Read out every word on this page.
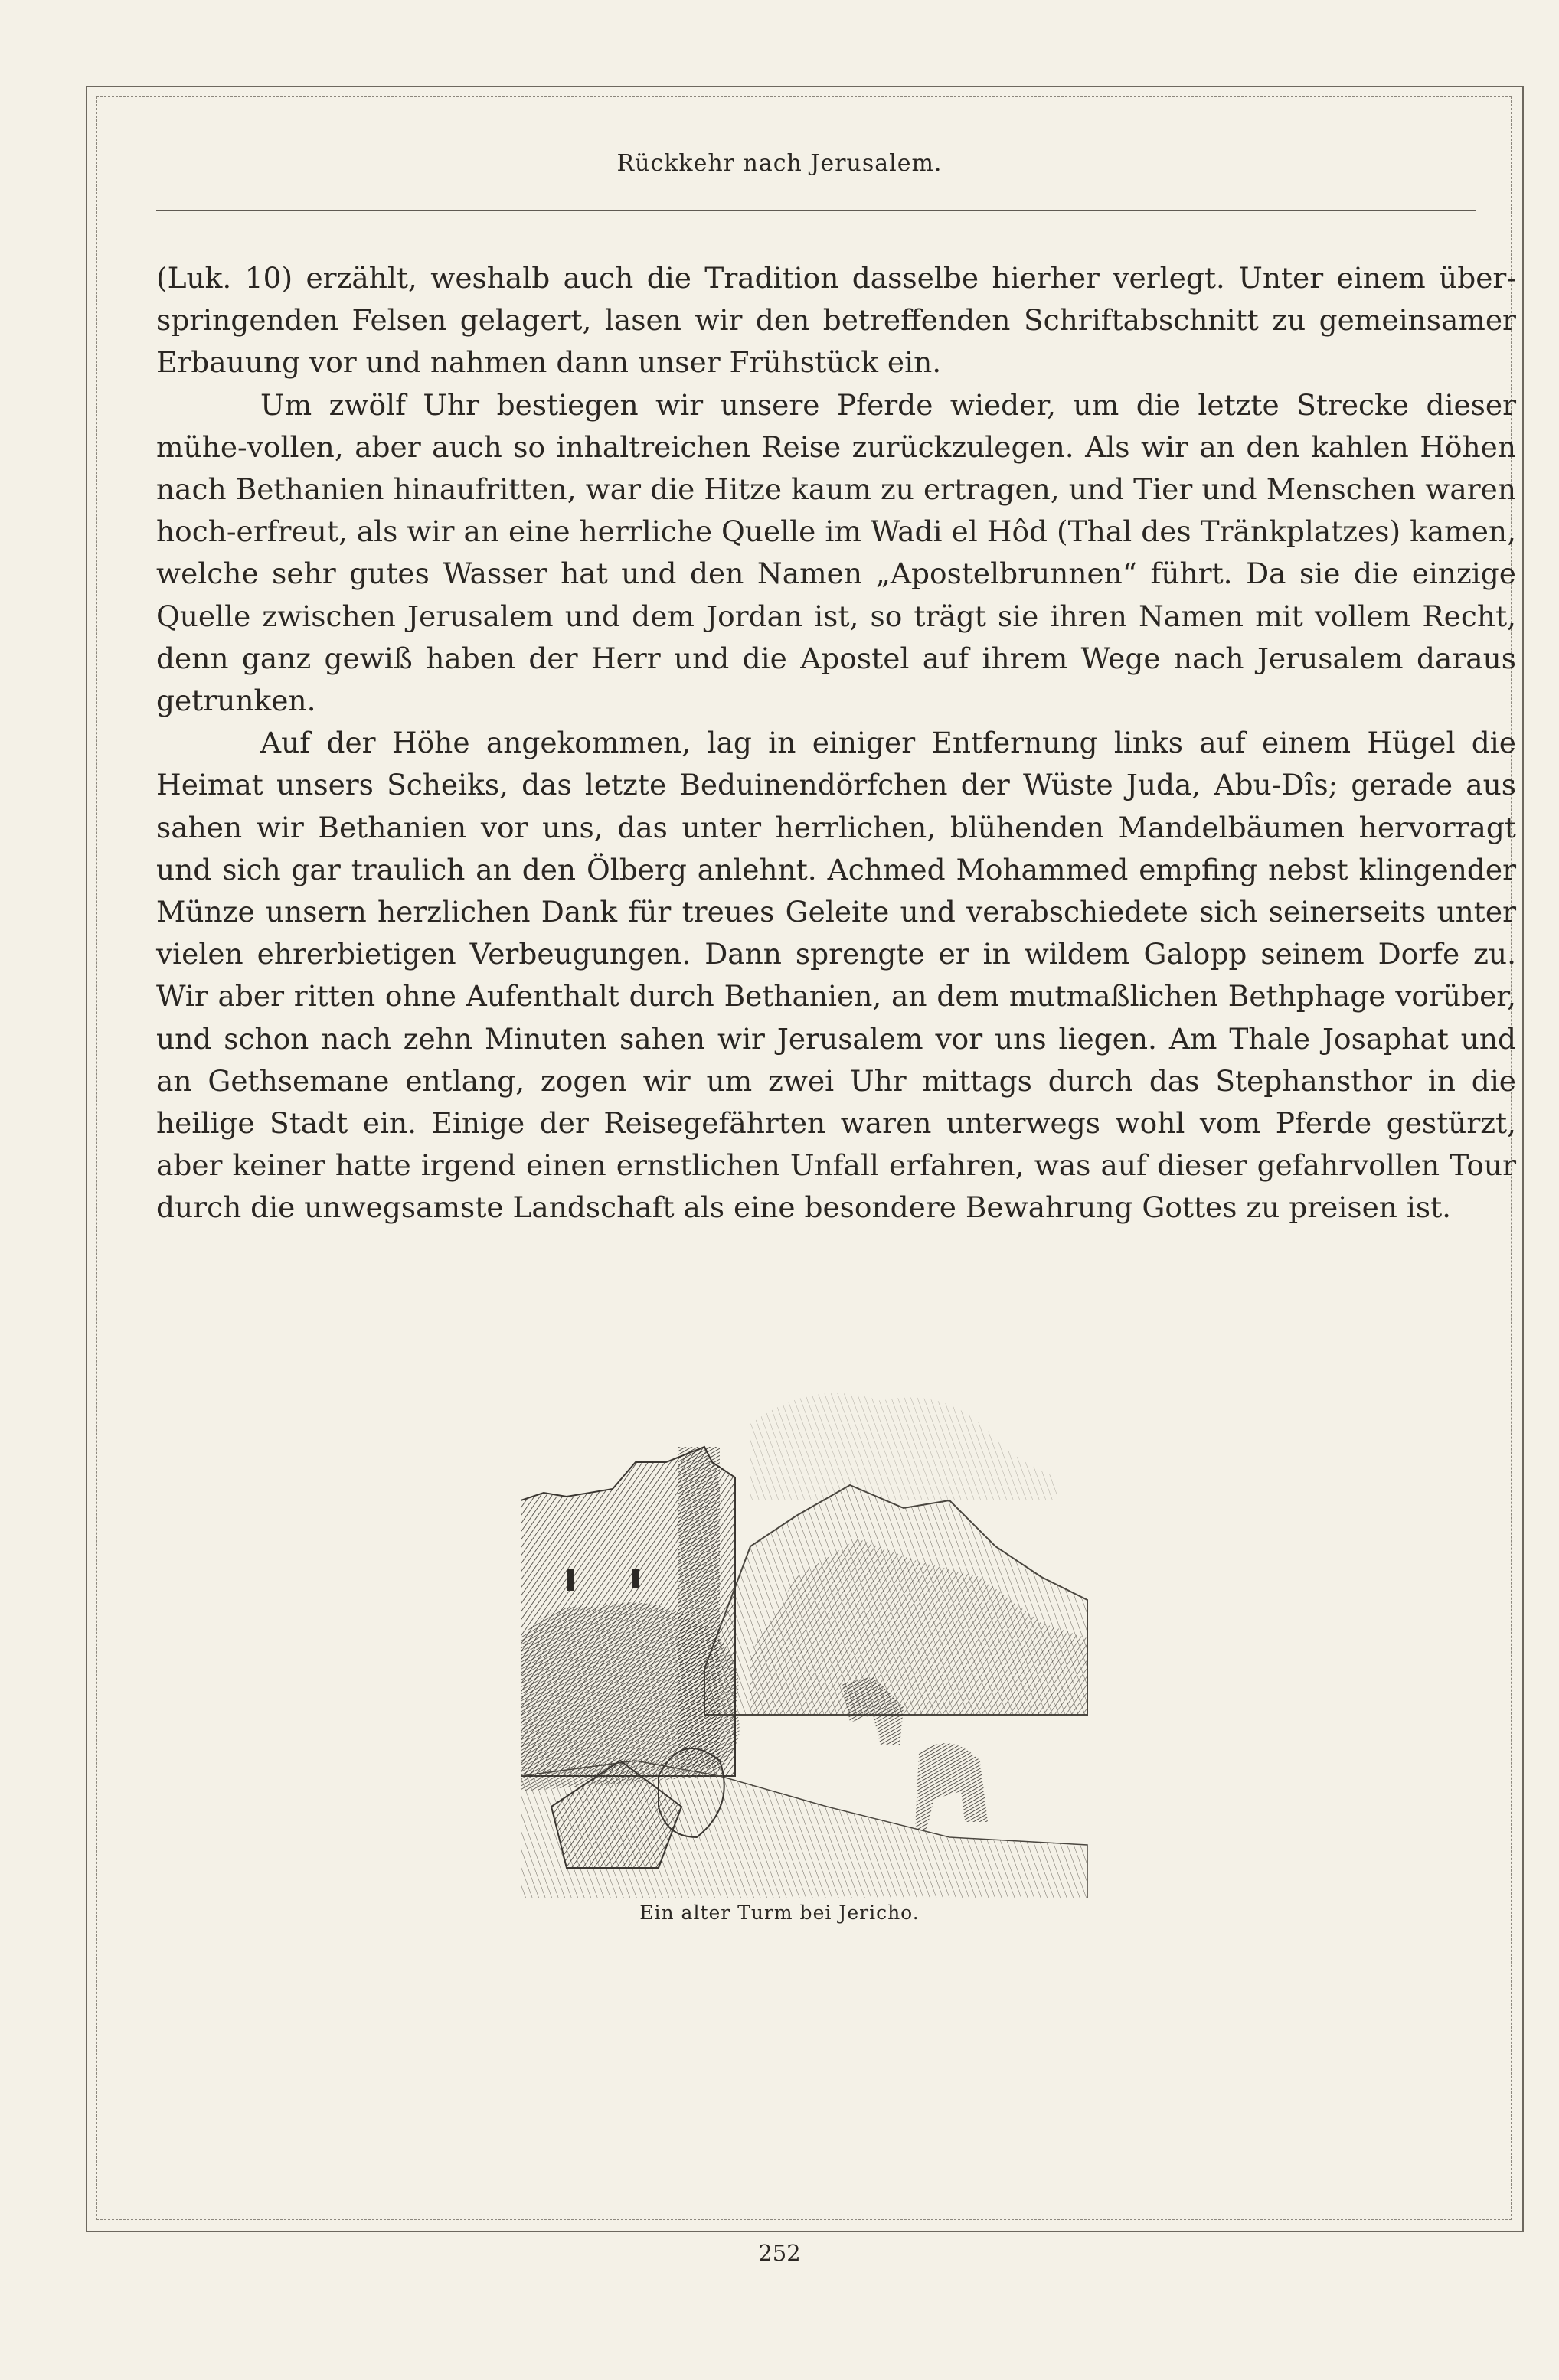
Rückkehr nach Jerusalem.

(Luk. 10) erzählt, weshalb auch die Tradition dasselbe hierher verlegt. Unter einem über-springenden Felsen gelagert, lasen wir den betreffenden Schriftabschnitt zu gemeinsamer Erbauung vor und nahmen dann unser Frühstück ein.

Um zwölf Uhr bestiegen wir unsere Pferde wieder, um die letzte Strecke dieser mühe-vollen, aber auch so inhaltreichen Reise zurückzulegen. Als wir an den kahlen Höhen nach Bethanien hinaufritten, war die Hitze kaum zu ertragen, und Tier und Menschen waren hoch-erfreut, als wir an eine herrliche Quelle im Wadi el Hôd (Thal des Tränkplatzes) kamen, welche sehr gutes Wasser hat und den Namen „Apostelbrunnen“ führt. Da sie die einzige Quelle zwischen Jerusalem und dem Jordan ist, so trägt sie ihren Namen mit vollem Recht, denn ganz gewiß haben der Herr und die Apostel auf ihrem Wege nach Jerusalem daraus getrunken.

Auf der Höhe angekommen, lag in einiger Entfernung links auf einem Hügel die Heimat unsers Scheiks, das letzte Beduinendörfchen der Wüste Juda, Abu-Dîs; gerade aus sahen wir Bethanien vor uns, das unter herrlichen, blühenden Mandelbäumen hervorragt und sich gar traulich an den Ölberg anlehnt. Achmed Mohammed empfing nebst klingender Münze unsern herzlichen Dank für treues Geleite und verabschiedete sich seinerseits unter vielen ehrerbietigen Verbeugungen. Dann sprengte er in wildem Galopp seinem Dorfe zu. Wir aber ritten ohne Aufenthalt durch Bethanien, an dem mutmaßlichen Bethphage vorüber, und schon nach zehn Minuten sahen wir Jerusalem vor uns liegen. Am Thale Josaphat und an Gethsemane entlang, zogen wir um zwei Uhr mittags durch das Stephansthor in die heilige Stadt ein. Einige der Reisegefährten waren unterwegs wohl vom Pferde gestürzt, aber keiner hatte irgend einen ernstlichen Unfall erfahren, was auf dieser gefahrvollen Tour durch die unwegsamste Landschaft als eine besondere Bewahrung Gottes zu preisen ist.

Ein alter Turm bei Jericho.
252
